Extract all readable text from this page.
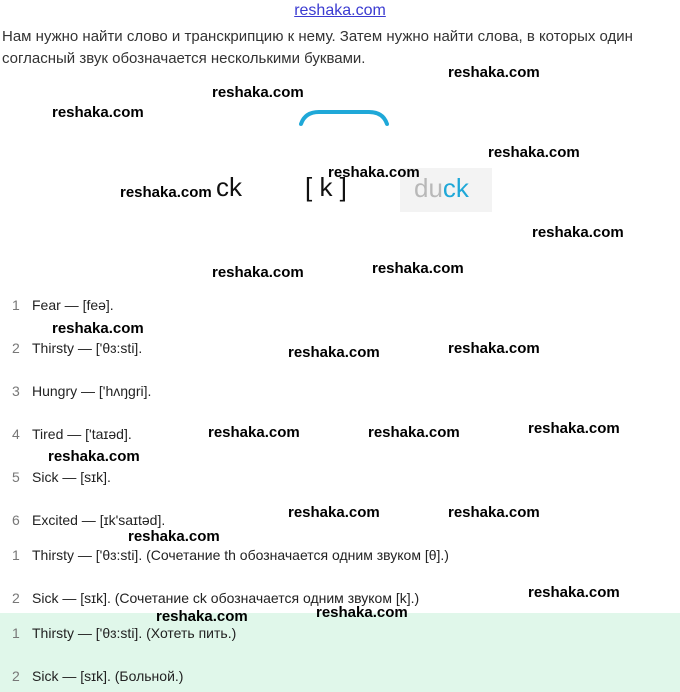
reshaka.com
Нам нужно найти слово и транскрипцию к нему. Затем нужно найти слова, в которых один согласный звук обозначается несколькими буквами.
ck [ k ]	duck
1 Fear — [feə].
2 Thirsty — ['θɜ:sti].
3 Hungry — ['hʌŋgri].
4 Tired — ['taɪəd].
5 Sick — [sɪk].
6 Excited — [ɪk'saɪtəd].
1 Thirsty — ['θɜ:sti]. (Сочетание th обозначается одним звуком [θ].)
2 Sick — [sɪk]. (Сочетание ck обозначается одним звуком [k].)
1 Thirsty — ['θɜ:sti]. (Хотеть пить.)
2 Sick — [sɪk]. (Больной.)
reshaka.com
reshaka.com
reshaka.com
reshaka.com
reshaka.com
reshaka.com
reshaka.com
reshaka.com
reshaka.com
reshaka.com
reshaka.com
reshaka.com
reshaka.com
reshaka.com	reshaka.com
reshaka.com
reshaka.com	reshaka.com
reshaka.com
reshaka.com
reshaka.com
reshaka.com
